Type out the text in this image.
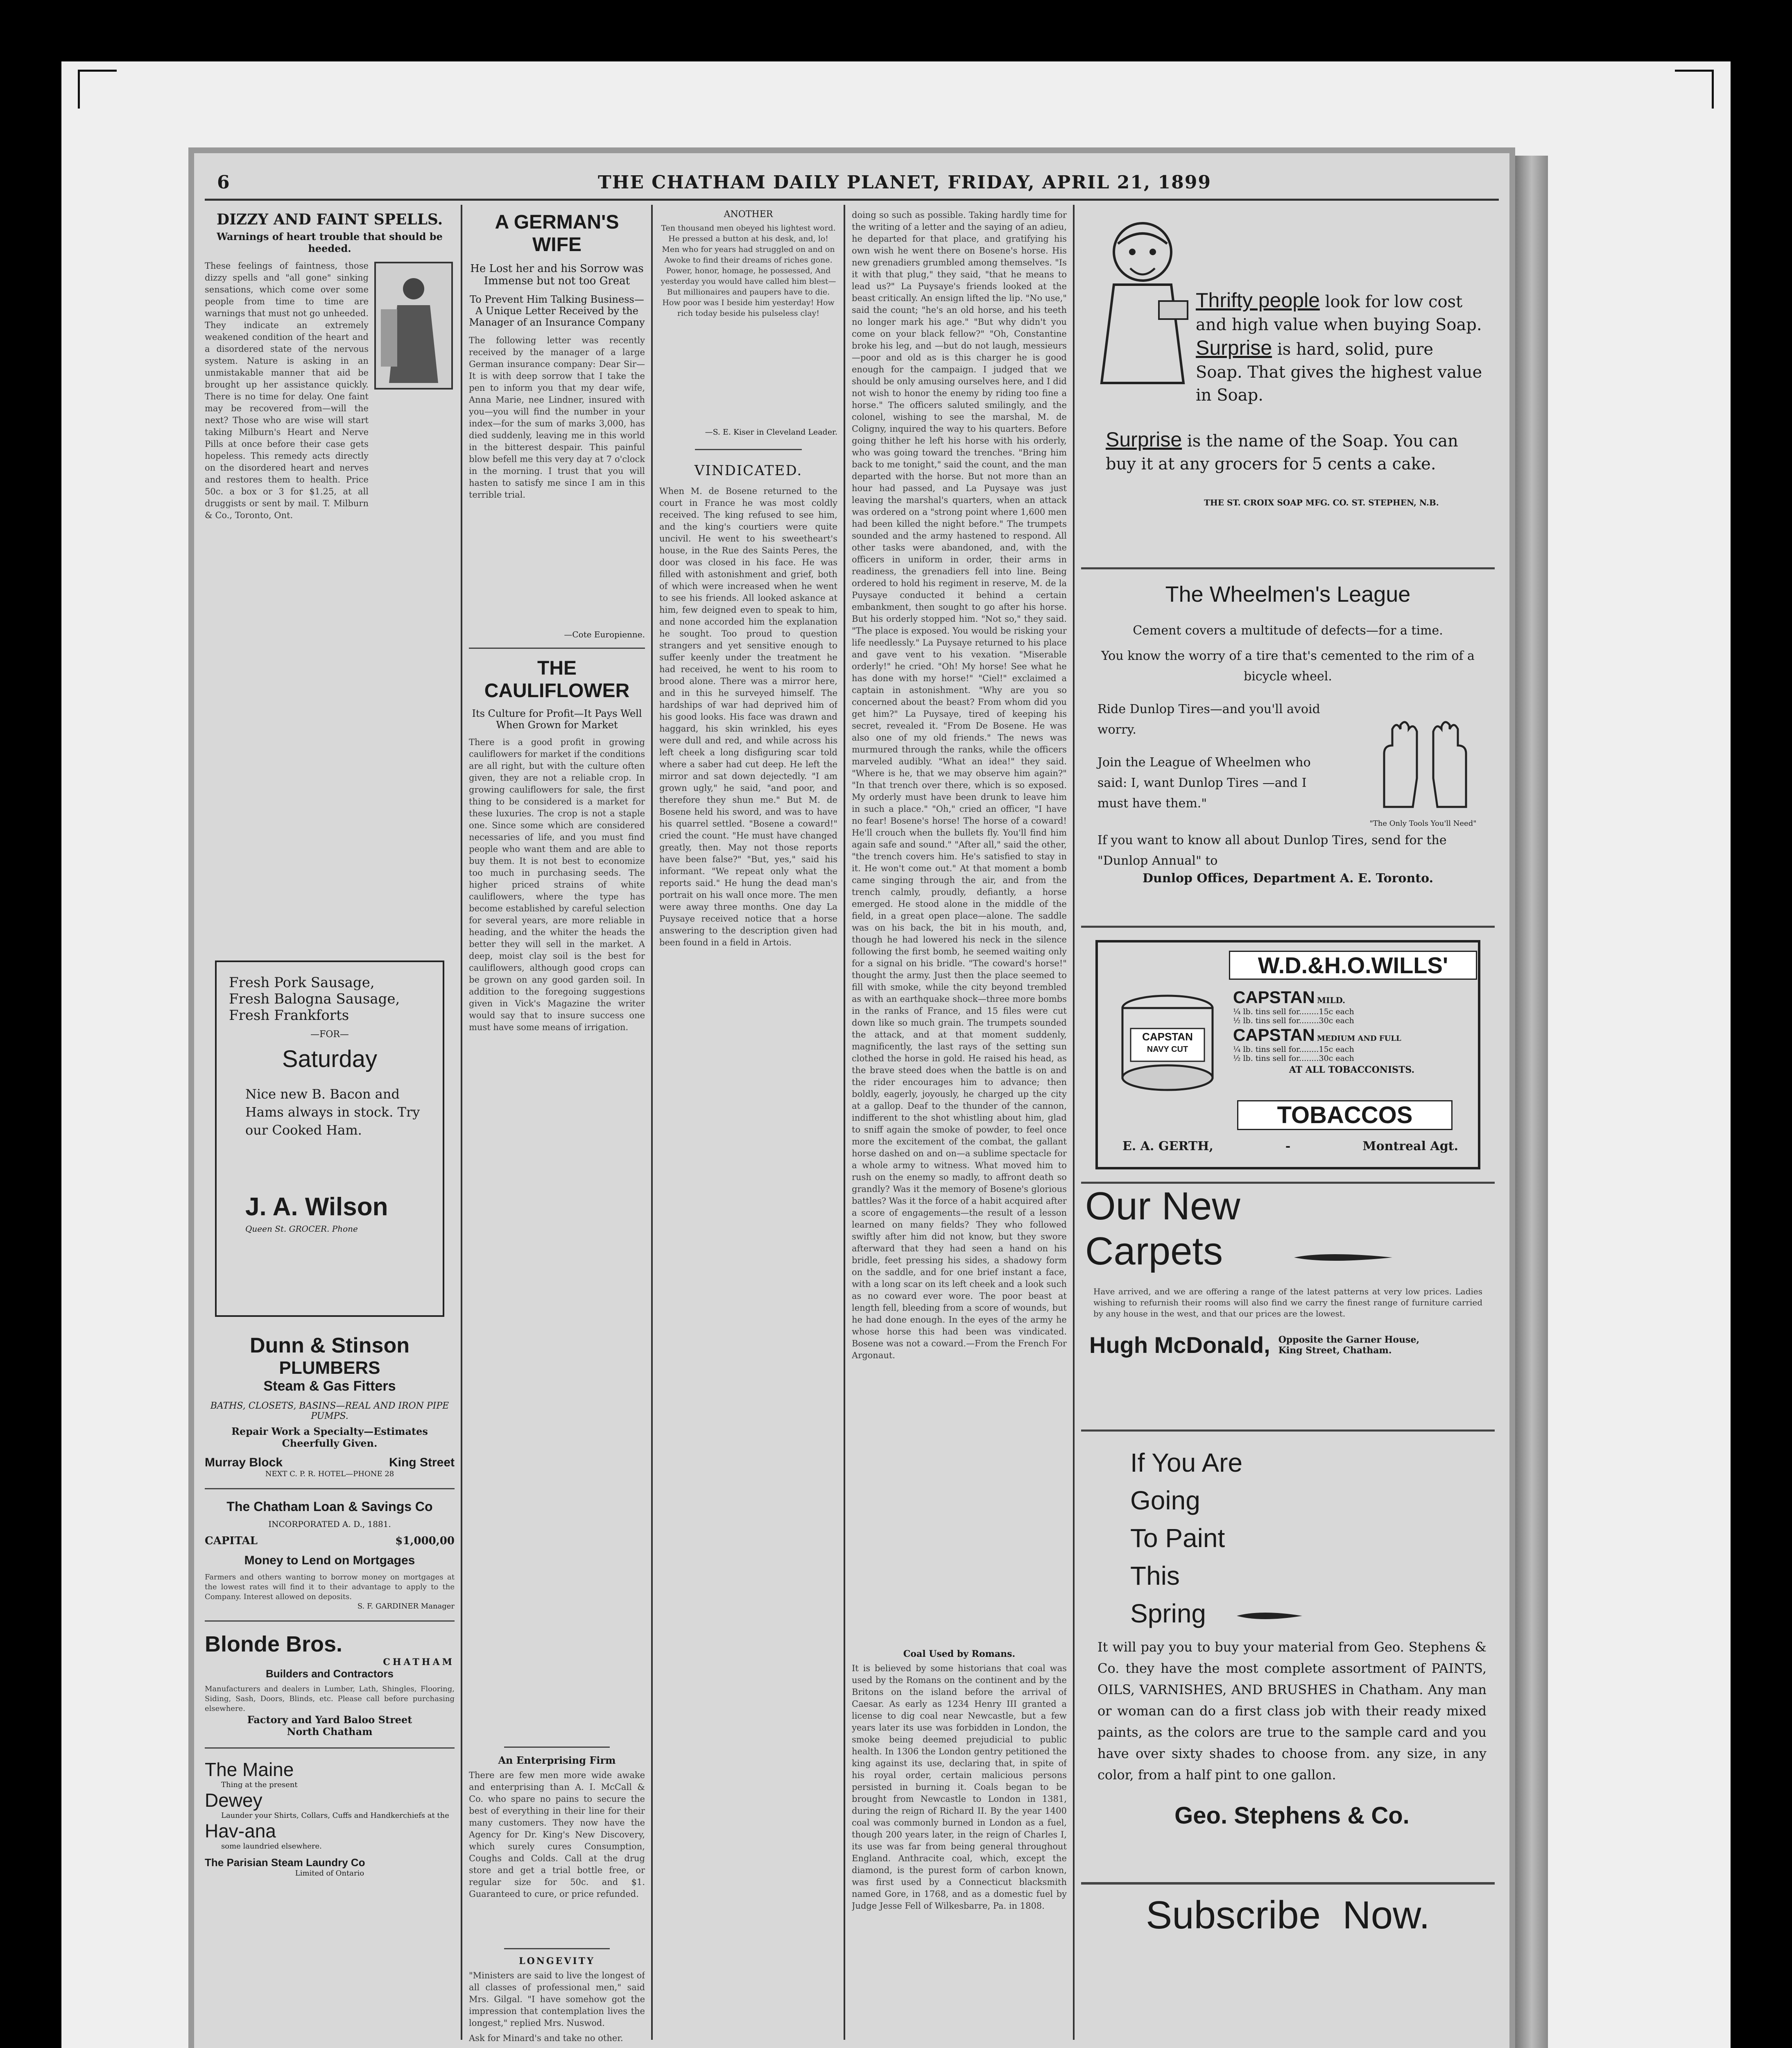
6	THE CHATHAM DAILY PLANET, FRIDAY, APRIL 21, 1899
DIZZY AND FAINT SPELLS.
Warnings of heart trouble that should be heeded.
These feelings of faintness, those dizzy spells and "all gone" sinking sensations, which come over some people from time to time are warnings that must not go unheeded. They indicate an extremely weakened condition of the heart and a disordered state of the nervous system. Nature is asking in an unmistakable manner that aid be brought up her assistance quickly. There is no time for delay. One faint may be recovered from—will the next? Those who are wise will start taking Milburn's Heart and Nerve Pills at once before their case gets hopeless. This remedy acts directly on the disordered heart and nerves and restores them to health. Price 50c. a box or 3 for $1.25, at all druggists or sent by mail. T. Milburn & Co., Toronto, Ont.
Fresh Pork Sausage,
Fresh Balogna Sausage,
Fresh Frankforts
—FOR—
Saturday
Nice new B. Bacon and Hams always in stock. Try our Cooked Ham.
J. A. Wilson
Queen St. GROCER. Phone
Dunn & Stinson
PLUMBERS
Steam & Gas Fitters
BATHS, CLOSETS, BASINS—REAL AND IRON PIPE PUMPS.
Repair Work a Specialty—Estimates Cheerfully Given.
Murray Block	King Street
NEXT C. P. R. HOTEL—PHONE 28
The Chatham Loan & Savings Co
INCORPORATED A. D., 1881.
CAPITAL	$1,000,00
Money to Lend on Mortgages
Farmers and others wanting to borrow money on mortgages at the lowest rates will find it to their advantage to apply to the Company. Interest allowed on deposits.
S. F. GARDINER Manager
Blonde Bros.
CHATHAM
Builders and Contractors
Manufacturers and dealers in Lumber, Lath, Shingles, Flooring, Siding, Sash, Doors, Blinds, etc. Please call before purchasing elsewhere.
Factory and Yard Baloo Street
North Chatham
The Maine
Thing at the present
Dewey
Launder your Shirts, Collars, Cuffs and Handkerchiefs at the
Hav-ana
some laundried elsewhere.
The Parisian Steam Laundry Co
Limited of Ontario
A GERMAN'S WIFE
He Lost her and his Sorrow was Immense but not too Great
To Prevent Him Talking Business—A Unique Letter Received by the Manager of an Insurance Company
The following letter was recently received by the manager of a large German insurance company: Dear Sir—It is with deep sorrow that I take the pen to inform you that my dear wife, Anna Marie, nee Lindner, insured with you—you will find the number in your index—for the sum of marks 3,000, has died suddenly, leaving me in this world in the bitterest despair. This painful blow befell me this very day at 7 o'clock in the morning. I trust that you will hasten to satisfy me since I am in this terrible trial.
—Cote Europienne.
THE CAULIFLOWER
Its Culture for Profit—It Pays Well When Grown for Market
There is a good profit in growing cauliflowers for market if the conditions are all right, but with the culture often given, they are not a reliable crop. In growing cauliflowers for sale, the first thing to be considered is a market for these luxuries. The crop is not a staple one. Since some which are considered necessaries of life, and you must find people who want them and are able to buy them. It is not best to economize too much in purchasing seeds. The higher priced strains of white cauliflowers, where the type has become established by careful selection for several years, are more reliable in heading, and the whiter the heads the better they will sell in the market. A deep, moist clay soil is the best for cauliflowers, although good crops can be grown on any good garden soil. In addition to the foregoing suggestions given in Vick's Magazine the writer would say that to insure success one must have some means of irrigation.
An Enterprising Firm
There are few men more wide awake and enterprising than A. I. McCall & Co. who spare no pains to secure the best of everything in their line for their many customers. They now have the Agency for Dr. King's New Discovery, which surely cures Consumption, Coughs and Colds. Call at the drug store and get a trial bottle free, or regular size for 50c. and $1. Guaranteed to cure, or price refunded.
LONGEVITY
"Ministers are said to live the longest of all classes of professional men," said Mrs. Gilgal. "I have somehow got the impression that contemplation lives the longest," replied Mrs. Nuswod.
Ask for Minard's and take no other.
ANOTHER
Ten thousand men obeyed his lightest word. He pressed a button at his desk, and, lo! Men who for years had struggled on and on Awoke to find their dreams of riches gone. Power, honor, homage, he possessed, And yesterday you would have called him blest— But millionaires and paupers have to die. How poor was I beside him yesterday! How rich today beside his pulseless clay!
—S. E. Kiser in Cleveland Leader.
VINDICATED.
When M. de Bosene returned to the court in France he was most coldly received. The king refused to see him, and the king's courtiers were quite uncivil. He went to his sweetheart's house, in the Rue des Saints Peres, the door was closed in his face. He was filled with astonishment and grief, both of which were increased when he went to see his friends. All looked askance at him, few deigned even to speak to him, and none accorded him the explanation he sought. Too proud to question strangers and yet sensitive enough to suffer keenly under the treatment he had received, he went to his room to brood alone. There was a mirror here, and in this he surveyed himself. The hardships of war had deprived him of his good looks. His face was drawn and haggard, his skin wrinkled, his eyes were dull and red, and while across his left cheek a long disfiguring scar told where a saber had cut deep. He left the mirror and sat down dejectedly. "I am grown ugly," he said, "and poor, and therefore they shun me." But M. de Bosene held his sword, and was to have his quarrel settled. "Bosene a coward!" cried the count. "He must have changed greatly, then. May not those reports have been false?" "But, yes," said his informant. "We repeat only what the reports said." He hung the dead man's portrait on his wall once more. The men were away three months. One day La Puysaye received notice that a horse answering to the description given had been found in a field in Artois.
doing so such as possible. Taking hardly time for the writing of a letter and the saying of an adieu, he departed for that place, and gratifying his own wish he went there on Bosene's horse. His new grenadiers grumbled among themselves. "Is it with that plug," they said, "that he means to lead us?" La Puysaye's friends looked at the beast critically. An ensign lifted the lip. "No use," said the count; "he's an old horse, and his teeth no longer mark his age." "But why didn't you come on your black fellow?" "Oh, Constantine broke his leg, and —but do not laugh, messieurs—poor and old as is this charger he is good enough for the campaign. I judged that we should be only amusing ourselves here, and I did not wish to honor the enemy by riding too fine a horse." The officers saluted smilingly, and the colonel, wishing to see the marshal, M. de Coligny, inquired the way to his quarters. Before going thither he left his horse with his orderly, who was going toward the trenches. "Bring him back to me tonight," said the count, and the man departed with the horse. But not more than an hour had passed, and La Puysaye was just leaving the marshal's quarters, when an attack was ordered on a "strong point where 1,600 men had been killed the night before." The trumpets sounded and the army hastened to respond. All other tasks were abandoned, and, with the officers in uniform in order, their arms in readiness, the grenadiers fell into line. Being ordered to hold his regiment in reserve, M. de la Puysaye conducted it behind a certain embankment, then sought to go after his horse. But his orderly stopped him. "Not so," they said. "The place is exposed. You would be risking your life needlessly." La Puysaye returned to his place and gave vent to his vexation. "Miserable orderly!" he cried. "Oh! My horse! See what he has done with my horse!" "Ciel!" exclaimed a captain in astonishment. "Why are you so concerned about the beast? From whom did you get him?" La Puysaye, tired of keeping his secret, revealed it. "From De Bosene. He was also one of my old friends." The news was murmured through the ranks, while the officers marveled audibly. "What an idea!" they said. "Where is he, that we may observe him again?" "In that trench over there, which is so exposed. My orderly must have been drunk to leave him in such a place." "Oh," cried an officer, "I have no fear! Bosene's horse! The horse of a coward! He'll crouch when the bullets fly. You'll find him again safe and sound." "After all," said the other, "the trench covers him. He's satisfied to stay in it. He won't come out." At that moment a bomb came singing through the air, and from the trench calmly, proudly, defiantly, a horse emerged. He stood alone in the middle of the field, in a great open place—alone. The saddle was on his back, the bit in his mouth, and, though he had lowered his neck in the silence following the first bomb, he seemed waiting only for a signal on his bridle. "The coward's horse!" thought the army. Just then the place seemed to fill with smoke, while the city beyond trembled as with an earthquake shock—three more bombs in the ranks of France, and 15 files were cut down like so much grain. The trumpets sounded the attack, and at that moment suddenly, magnificently, the last rays of the setting sun clothed the horse in gold. He raised his head, as the brave steed does when the battle is on and the rider encourages him to advance; then boldly, eagerly, joyously, he charged up the city at a gallop. Deaf to the thunder of the cannon, indifferent to the shot whistling about him, glad to sniff again the smoke of powder, to feel once more the excitement of the combat, the gallant horse dashed on and on—a sublime spectacle for a whole army to witness. What moved him to rush on the enemy so madly, to affront death so grandly? Was it the memory of Bosene's glorious battles? Was it the force of a habit acquired after a score of engagements—the result of a lesson learned on many fields? They who followed swiftly after him did not know, but they swore afterward that they had seen a hand on his bridle, feet pressing his sides, a shadowy form on the saddle, and for one brief instant a face, with a long scar on its left cheek and a look such as no coward ever wore. The poor beast at length fell, bleeding from a score of wounds, but he had done enough. In the eyes of the army he whose horse this had been was vindicated. Bosene was not a coward.—From the French For Argonaut.
Coal Used by Romans.
It is believed by some historians that coal was used by the Romans on the continent and by the Britons on the island before the arrival of Caesar. As early as 1234 Henry III granted a license to dig coal near Newcastle, but a few years later its use was forbidden in London, the smoke being deemed prejudicial to public health. In 1306 the London gentry petitioned the king against its use, declaring that, in spite of his royal order, certain malicious persons persisted in burning it. Coals began to be brought from Newcastle to London in 1381, during the reign of Richard II. By the year 1400 coal was commonly burned in London as a fuel, though 200 years later, in the reign of Charles I, its use was far from being general throughout England. Anthracite coal, which, except the diamond, is the purest form of carbon known, was first used by a Connecticut blacksmith named Gore, in 1768, and as a domestic fuel by Judge Jesse Fell of Wilkesbarre, Pa. in 1808.
Thrifty people look for low cost and high value when buying Soap. Surprise is hard, solid, pure Soap. That gives the highest value in Soap.
Surprise is the name of the Soap. You can buy it at any grocers for 5 cents a cake.
THE ST. CROIX SOAP MFG. CO. ST. STEPHEN, N.B.
The Wheelmen's League
Cement covers a multitude of defects—for a time.
You know the worry of a tire that's cemented to the rim of a bicycle wheel.
Ride Dunlop Tires—and you'll avoid worry.
Join the League of Wheelmen who said: I, want Dunlop Tires —and I must have them."
"The Only Tools You'll Need"
If you want to know all about Dunlop Tires, send for the "Dunlop Annual" to
Dunlop Offices, Department A. E. Toronto.
W.D.&H.O.WILLS'
CAPSTAN
NAVY CUT
CAPSTAN MILD.
¼ lb. tins sell for........15c each
½ lb. tins sell for........30c each
CAPSTAN MEDIUM AND FULL
¼ lb. tins sell for........15c each
½ lb. tins sell for........30c each
AT ALL TOBACCONISTS.
TOBACCOS
E. A. GERTH,	-	Montreal Agt.
Our New
Carpets
Have arrived, and we are offering a range of the latest patterns at very low prices. Ladies wishing to refurnish their rooms will also find we carry the finest range of furniture carried by any house in the west, and that our prices are the lowest.
Hugh McDonald, Opposite the Garner House,
King Street, Chatham.
If You Are
Going
To Paint
This
Spring
It will pay you to buy your material from Geo. Stephens & Co. they have the most complete assortment of PAINTS, OILS, VARNISHES, AND BRUSHES in Chatham. Any man or woman can do a first class job with their ready mixed paints, as the colors are true to the sample card and you have over sixty shades to choose from. any size, in any color, from a half pint to one gallon.
Geo. Stephens & Co.
Subscribe  Now.
